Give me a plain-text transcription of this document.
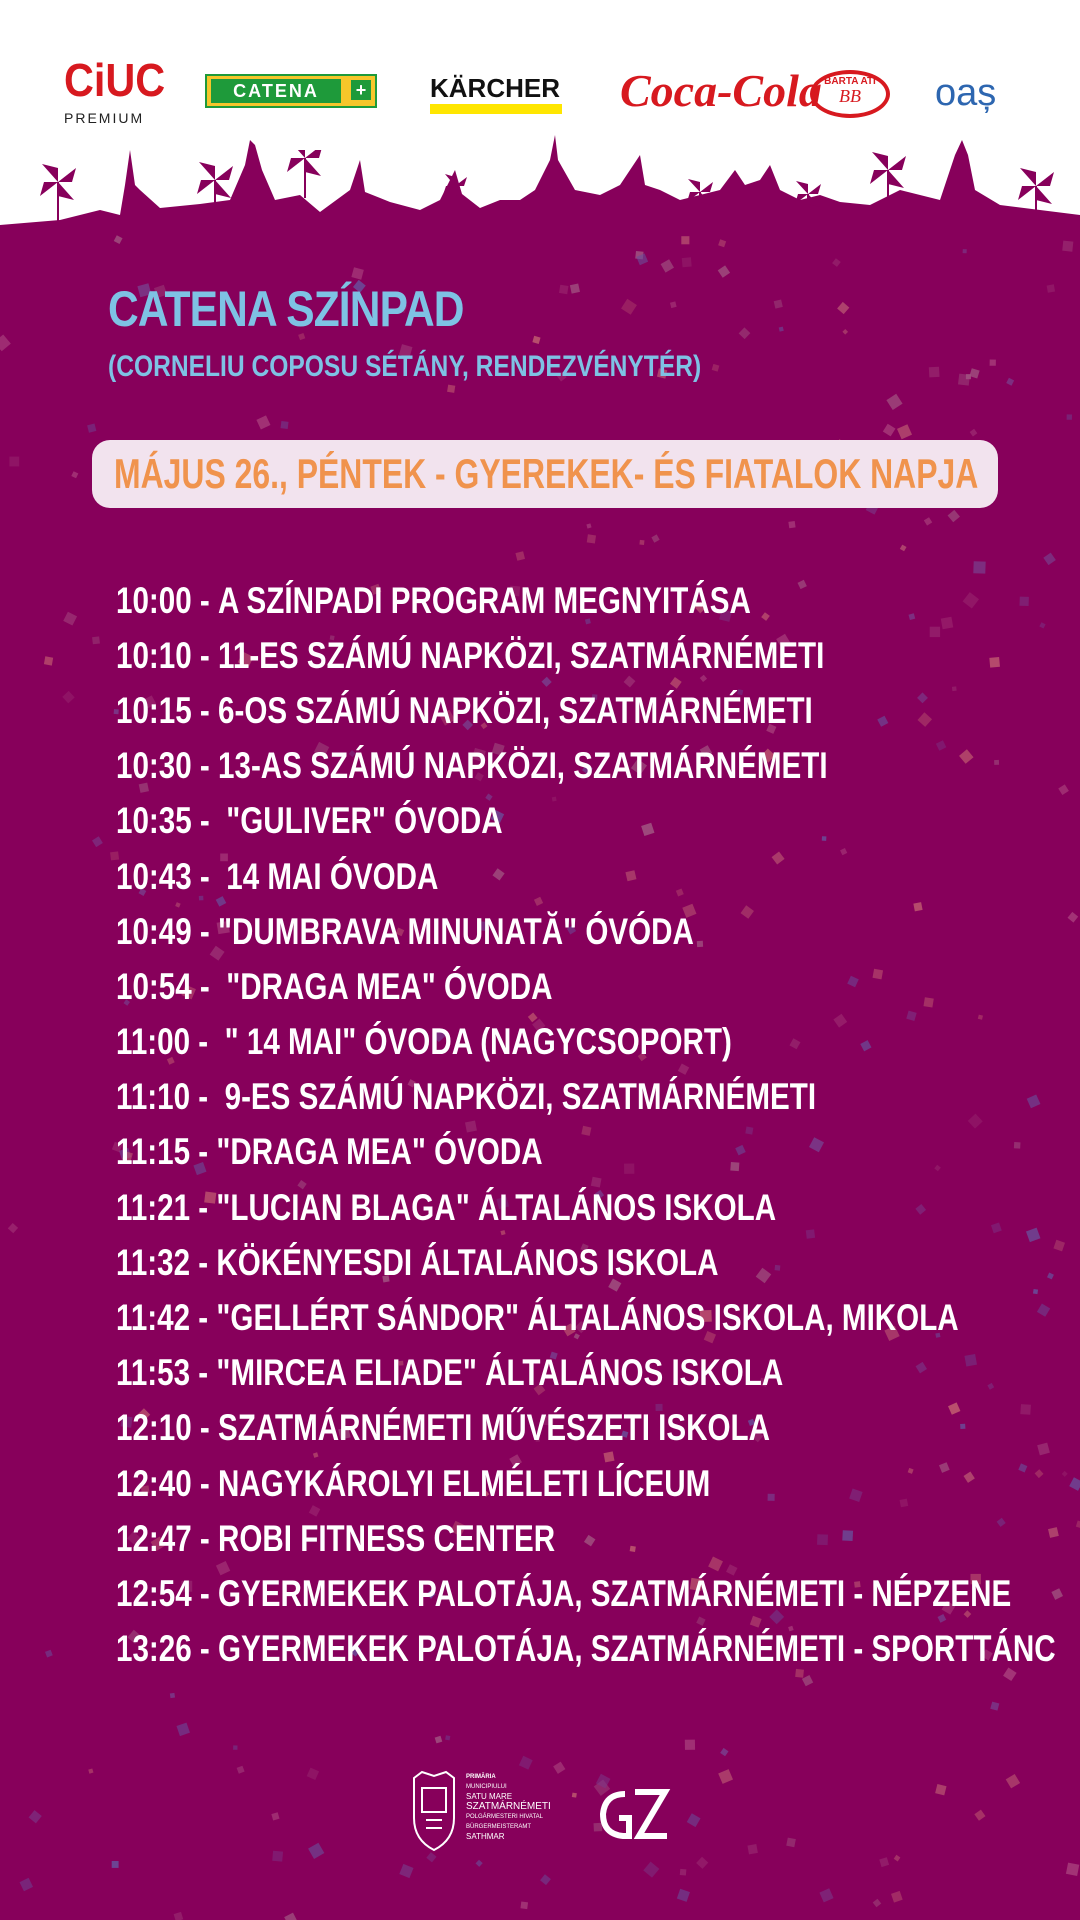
CiUC
PREMIUM
CATENA	+ KÄRCHER Coca-Cola BARTA ATI
BB	oaș
CATENA SZÍNPAD
(CORNELIU COPOSU SÉTÁNY, RENDEZVÉNYTÉR)

MÁJUS 26., PÉNTEK - GYEREKEK- ÉS FIATALOK NAPJA

10:00 - A SZÍNPADI PROGRAM MEGNYITÁSA
10:10 - 11-ES SZÁMÚ NAPKÖZI, SZATMÁRNÉMETI
10:15 - 6-OS SZÁMÚ NAPKÖZI, SZATMÁRNÉMETI
10:30 - 13-AS SZÁMÚ NAPKÖZI, SZATMÁRNÉMETI
10:35 - "GULIVER" ÓVODA
10:43 - 14 MAI ÓVODA
10:49 - "DUMBRAVA MINUNATĂ" ÓVÓDA
10:54 - "DRAGA MEA" ÓVODA
11:00 - " 14 MAI" ÓVODA (NAGYCSOPORT)
11:10 - 9-ES SZÁMÚ NAPKÖZI, SZATMÁRNÉMETI
11:15 - "DRAGA MEA" ÓVODA
11:21 - "LUCIAN BLAGA" ÁLTALÁNOS ISKOLA
11:32 - KÖKÉNYESDI ÁLTALÁNOS ISKOLA
11:42 - "GELLÉRT SÁNDOR" ÁLTALÁNOS ISKOLA, MIKOLA
11:53 - "MIRCEA ELIADE" ÁLTALÁNOS ISKOLA
12:10 - SZATMÁRNÉMETI MŰVÉSZETI ISKOLA
12:40 - NAGYKÁROLYI ELMÉLETI LÍCEUM
12:47 - ROBI FITNESS CENTER
12:54 - GYERMEKEK PALOTÁJA, SZATMÁRNÉMETI - NÉPZENE
13:26 - GYERMEKEK PALOTÁJA, SZATMÁRNÉMETI - SPORTTÁNC
PRIMĂRIA
MUNICIPIULUI
SATU MARE
SZATMÁRNÉMETI
POLGÁRMESTERI HIVATAL
BÜRGERMEISTERAMT
SATHMAR
